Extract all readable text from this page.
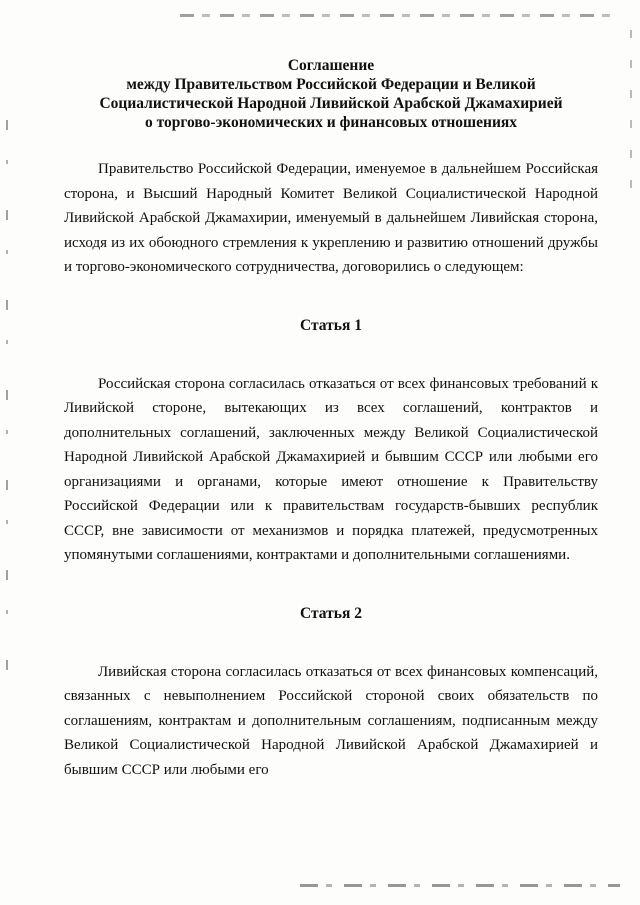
Соглашение
между Правительством Российской Федерации и Великой
Социалистической Народной Ливийской Арабской Джамахирией
о торгово-экономических и финансовых отношениях

Правительство Российской Федерации, именуемое в дальнейшем Российская сторона, и Высший Народный Комитет Великой Социалистической Народной Ливийской Арабской Джамахирии, именуемый в дальнейшем Ливийская сторона, исходя из их обоюдного стремления к укреплению и развитию отношений дружбы и торгово-экономического сотрудничества, договорились о следующем:

Статья 1

Российская сторона согласилась отказаться от всех финансовых требований к Ливийской стороне, вытекающих из всех соглашений, контрактов и дополнительных соглашений, заключенных между Великой Социалистической Народной Ливийской Арабской Джамахирией и бывшим СССР или любыми его организациями и органами, которые имеют отношение к Правительству Российской Федерации или к правительствам государств-бывших республик СССР, вне зависимости от механизмов и порядка платежей, предусмотренных упомянутыми соглашениями, контрактами и дополнительными соглашениями.

Статья 2

Ливийская сторона согласилась отказаться от всех финансовых компенсаций, связанных с невыполнением Российской стороной своих обязательств по соглашениям, контрактам и дополнительным соглашениям, подписанным между Великой Социалистической Народной Ливийской Арабской Джамахирией и бывшим СССР или любыми его
